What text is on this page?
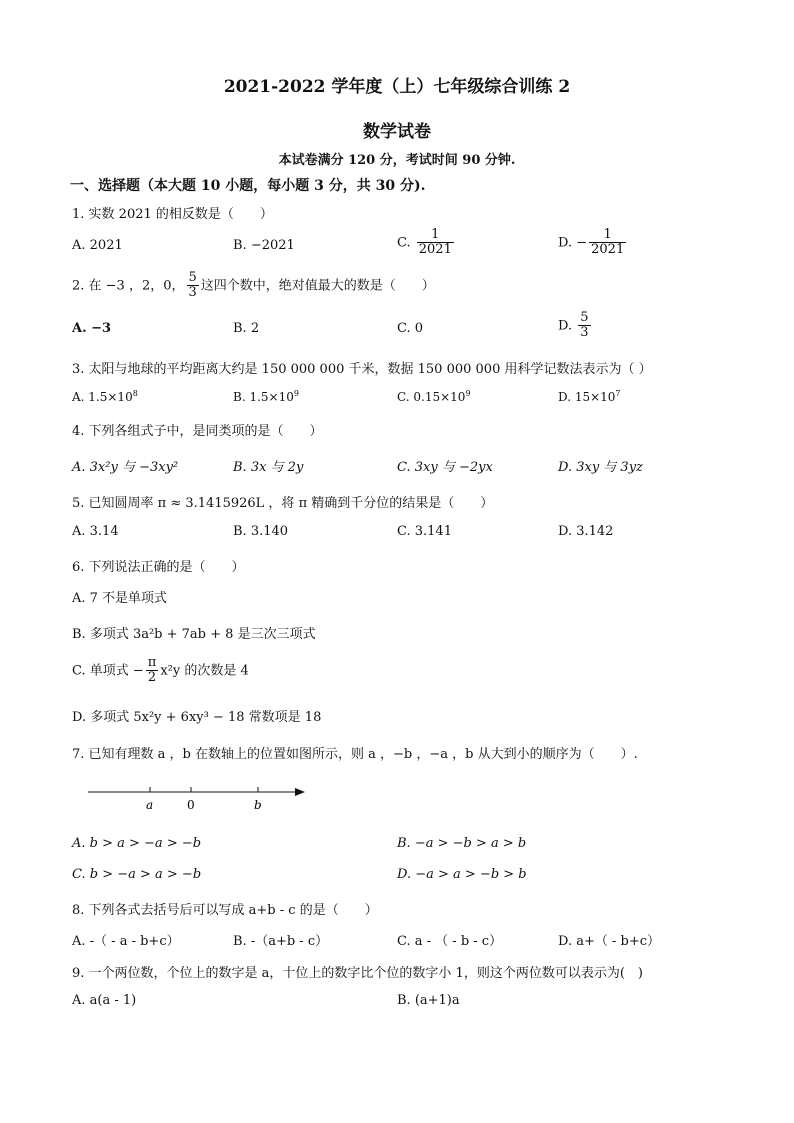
2021-2022 学年度（上）七年级综合训练 2
数学试卷
本试卷满分 120 分，考试时间 90 分钟.
一、选择题（本大题 10 小题，每小题 3 分，共 30 分).
1. 实数 2021 的相反数是（　　）
A. 2021	B. −2021	C. $\frac{1}{2021}$	D. − $\frac{1}{2021}$
2. 在 −3 ，2，0， $\frac{5}{3}$ 这四个数中，绝对值最大的数是（　　）
A. −3	B. 2	C. 0	D. $\frac{5}{3}$
3. 太阳与地球的平均距离大约是 150 000 000 千米，数据 150 000 000 用科学记数法表示为（ ）
A. $1.5\times 10^8$	B. $1.5\times 10^9$	C. $0.15\times 10^9$	D. $15\times 10^7$
4. 下列各组式子中，是同类项的是（　　）
A. 3x²y 与 −3xy²	B. 3x 与 2y	C. 3xy 与 −2yx	D. 3xy 与 3yz
5. 已知圆周率 π ≈ 3.1415926L ，将 π 精确到千分位的结果是（　　）
A. 3.14	B. 3.140	C. 3.141	D. 3.142
6. 下列说法正确的是（　　）
A. 7 不是单项式
B. 多项式 3a²b + 7ab + 8 是三次三项式
C. 单项式 − $\frac{\pi}{2} x^2y$ 的次数是 4
D. 多项式 5x²y + 6xy³ − 18 常数项是 18
7. 已知有理数 a ，b 在数轴上的位置如图所示，则 a ，−b ，−a ，b 从大到小的顺序为（　　）.
a	0	b
A. b > a > −a > −b	B. −a > −b > a > b
C. b > −a > a > −b	D. −a > a > −b > b
8. 下列各式去括号后可以写成 a+b - c 的是（　　）
A. -（ - a - b+c）	B. -（a+b - c）	C. a - （ - b - c）	D. a+（ - b+c）
9. 一个两位数，个位上的数字是 a，十位上的数字比个位的数字小 1，则这个两位数可以表示为(　)
A. a(a - 1)	B. (a+1)a
